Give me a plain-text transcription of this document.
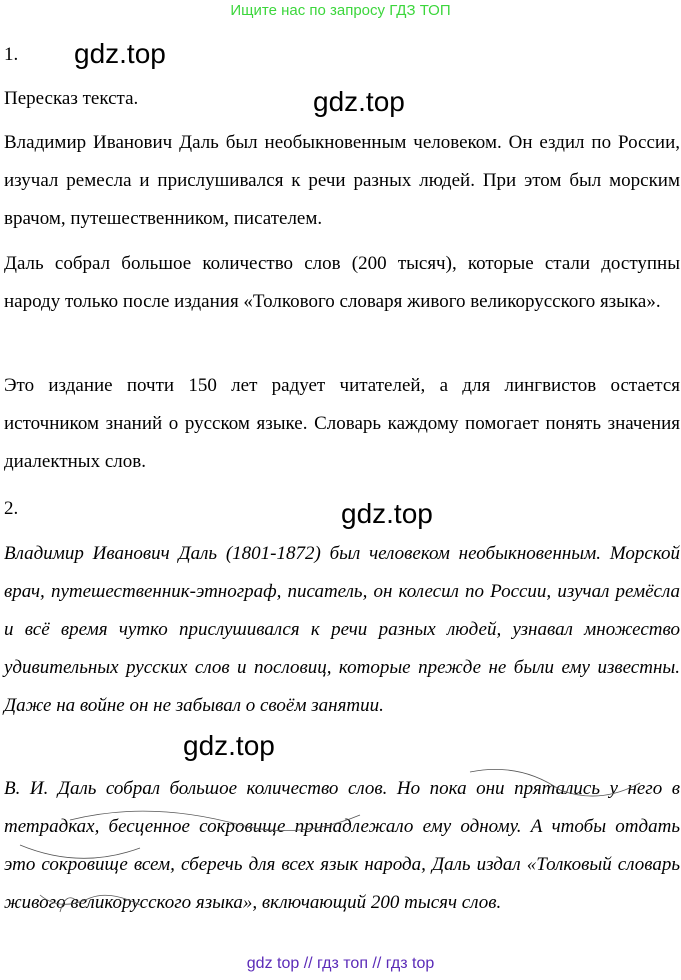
Ищите нас по запросу ГДЗ ТОП
1. gdz.top
Пересказ текста.	gdz.top
Владимир Иванович Даль был необыкновенным человеком. Он ездил по России, изучал ремесла и прислушивался к речи разных людей. При этом был морским врачом, путешественником, писателем.
Даль собрал большое количество слов (200 тысяч), которые стали доступны народу только после издания «Толкового словаря живого великорусского языка».
Это издание почти 150 лет радует читателей, а для лингвистов остается источником знаний о русском языке. Словарь каждому помогает понять значения диалектных слов.
2.	gdz.top
Владимир Иванович Даль (1801-1872) был человеком необыкновенным. Морской врач, путешественник-этнограф, писатель, он колесил по России, изучал ремёсла и всё время чутко прислушивался к речи разных людей, узнавал множество удивительных русских слов и пословиц, которые прежде не были ему известны. Даже на войне он не забывал о своём занятии.
gdz.top
В. И. Даль собрал большое количество слов. Но пока они прятались у него в тетрадках, бесценное сокровище принадлежало ему одному. А чтобы отдать это сокровище всем, сберечь для всех язык народа, Даль издал «Толковый словарь живого великорусского языка», включающий 200 тысяч слов.
gdz top // гдз топ // гдз top
